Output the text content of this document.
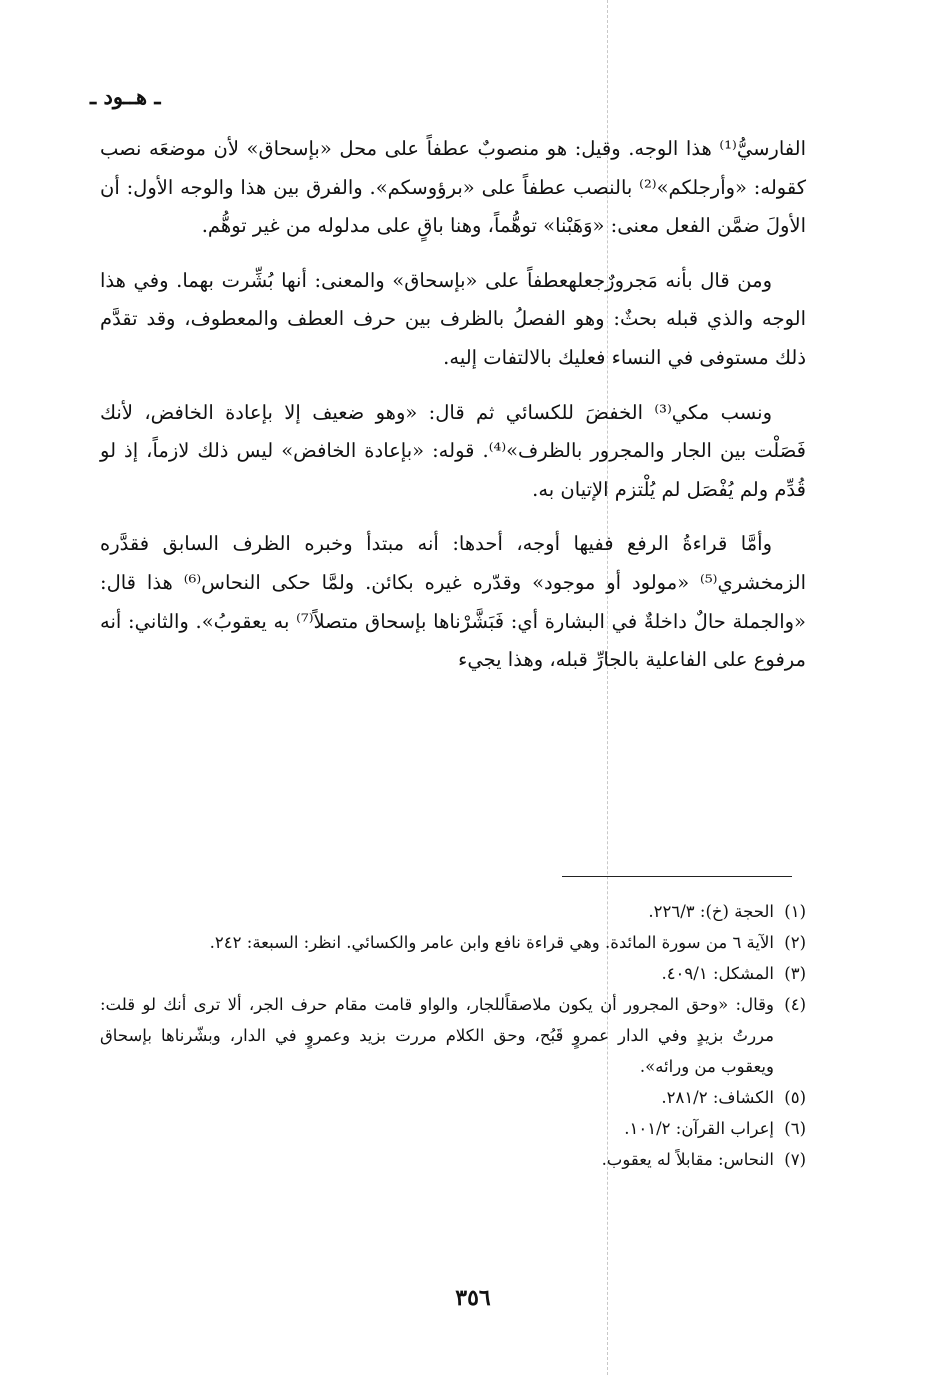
ـ هــود ـ

الفارسيُّ⁽¹⁾ هذا الوجه. وقيل: هو منصوبٌ عطفاً على محل «بإسحاق» لأن موضعَه نصب كقوله: «وأرجلكم»⁽²⁾ بالنصب عطفاً على «برؤوسكم». والفرق بين هذا والوجه الأول: أن الأولَ ضمَّن الفعل معنى: «وَهَبْنا» توهُّماً، وهنا باقٍ على مدلوله من غير توهُّم.

ومن قال بأنه مَجرورٌجعلهعطفاً على «بإسحاق» والمعنى: أنها بُشِّرت بهما. وفي هذا الوجه والذي قبله بحثٌ: وهو الفصلُ بالظرف بين حرف العطف والمعطوف، وقد تقدَّم ذلك مستوفى في النساء فعليك بالالتفات إليه.

ونسب مكي⁽³⁾ الخفضَ للكسائي ثم قال: «وهو ضعيف إلا بإعادة الخافض، لأنك فَصَلْت بين الجار والمجرور بالظرف»⁽⁴⁾. قوله: «بإعادة الخافض» ليس ذلك لازماً، إذ لو قُدِّم ولم يُفْصَل لم يُلْتزم الإتيان به.

وأمَّا قراءةُ الرفع ففيها أوجه، أحدها: أنه مبتدأ وخبره الظرف السابق فقدَّره الزمخشري⁽⁵⁾ «مولود أو موجود» وقدّره غيره بكائن. ولمَّا حكى النحاس⁽⁶⁾ هذا قال: «والجملة حالٌ داخلةٌ في البشارة أي: فَبَشَّرْناها بإسحاق متصلاً⁽⁷⁾ به يعقوبُ». والثاني: أنه مرفوع على الفاعلية بالجارِّ قبله، وهذا يجيء

(١)
الحجة (خ): ٢٢٦/٣.
(٢)
الآية ٦ من سورة المائدة. وهي قراءة نافع وابن عامر والكسائي. انظر: السبعة: ٢٤٢.
(٣)
المشكل: ٤٠٩/١.
(٤)
وقال: «وحق المجرور أن يكون ملاصقاًللجار، والواو قامت مقام حرف الجر، ألا ترى أنك لو قلت: مررتُ بزيدٍ وفي الدار عمروٍ قَبُح، وحق الكلام مررت بزيد وعمروٍ في الدار، وبشّرناها بإسحاق ويعقوب من ورائه».
(٥)
الكشاف: ٢٨١/٢.
(٦)
إعراب القرآن: ١٠١/٢.
(٧)
النحاس: مقابلاً له يعقوب.
٣٥٦
